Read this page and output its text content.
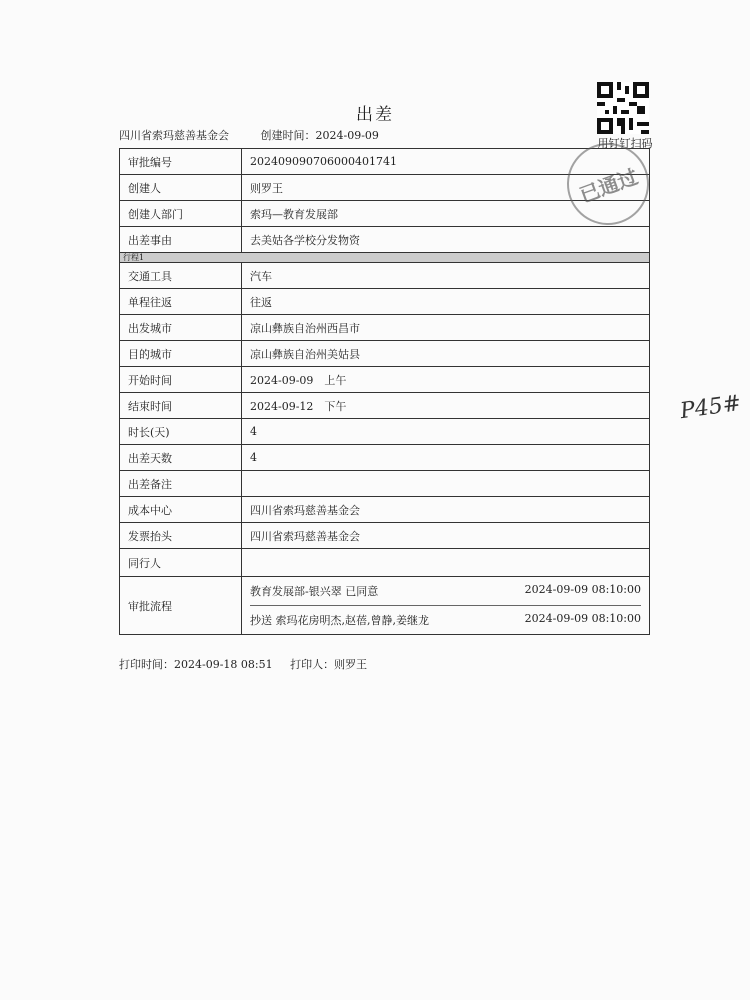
出差
四川省索玛慈善基金会	创建时间：2024-09-09
用钉钉扫码
审批编号	202409090706000401741
创建人	则罗王
创建人部门	索玛—教育发展部
出差事由	去美姑各学校分发物资
行程1	
交通工具	汽车
单程往返	往返
出发城市	凉山彝族自治州西昌市
目的城市	凉山彝族自治州美姑县
开始时间	2024-09-09　上午
结束时间	2024-09-12　下午
时长(天)	4
出差天数	4
出差备注	
成本中心	四川省索玛慈善基金会
发票抬头	四川省索玛慈善基金会
同行人	
审批流程	教育发展部-银兴翠 已同意 2024-09-09 08:10:00
抄送 索玛花房明杰,赵蓓,曾静,姜继龙 2024-09-09 08:10:00
已通过
P45#
打印时间：2024-09-18 08:51 打印人：则罗王
